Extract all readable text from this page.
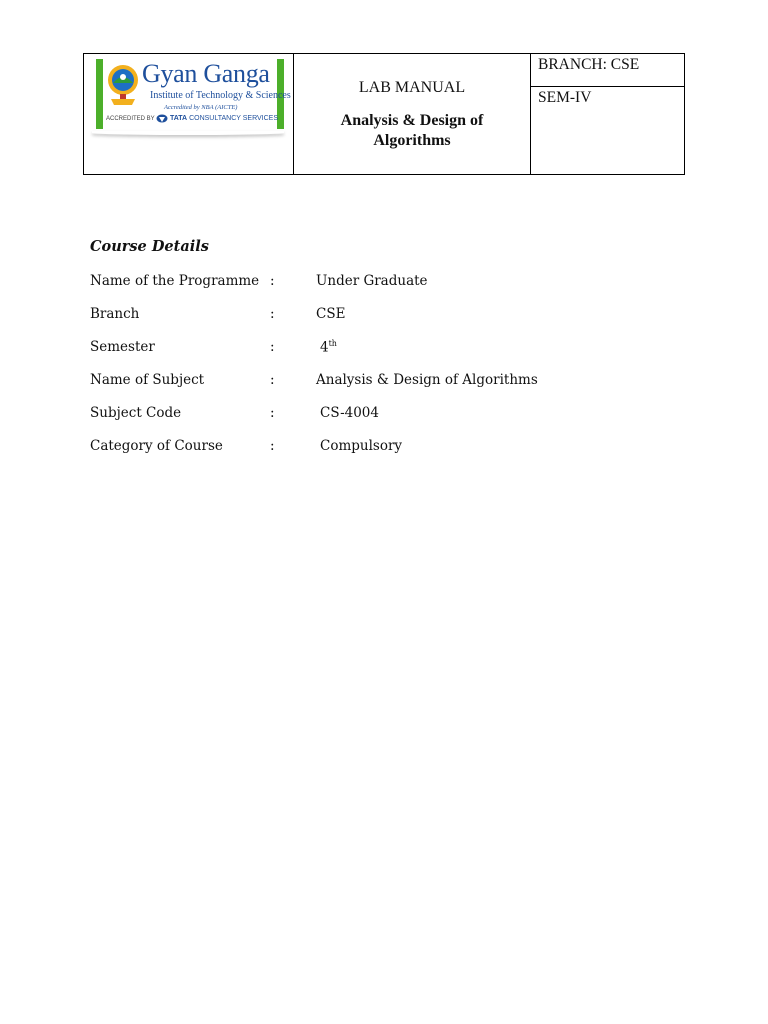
Gyan Ganga
Institute of Technology & Sciences
Accredited by NBA (AICTE)
ACCREDITED BY TATA CONSULTANCY SERVICES

LAB MANUAL
Analysis & Design of Algorithms

BRANCH: CSE

SEM-IV
Course Details
Name of the Programme :	Under Graduate
Branch	:	CSE
Semester	:	4th
Name of Subject	:	Analysis & Design of Algorithms
Subject Code	:	CS-4004
Category of Course	:	Compulsory
